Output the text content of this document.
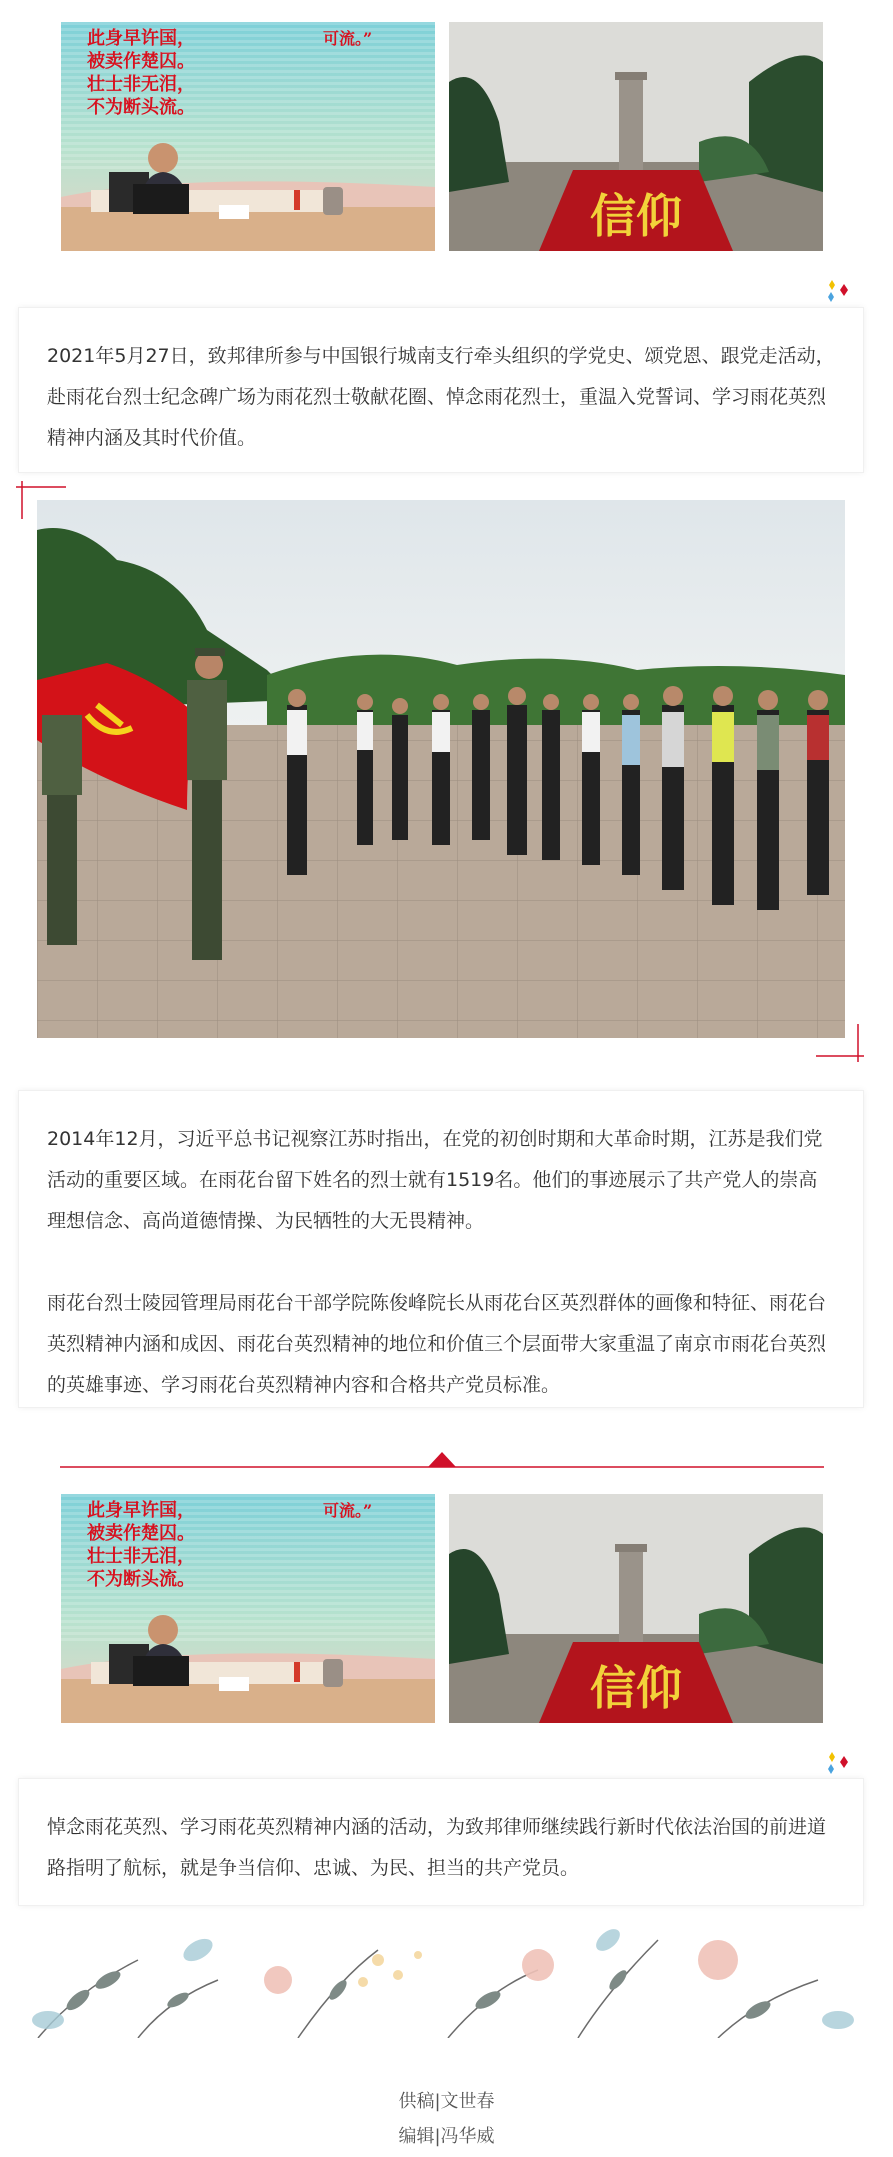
此身早许国，
被卖作楚囚。
壮士非无泪，
不为断头流。
可流。”
信仰

2021年5月27日，致邦律所参与中国银行城南支行牵头组织的学党史、颂党恩、跟党走活动，赴雨花台烈士纪念碑广场为雨花烈士敬献花圈、悼念雨花烈士，重温入党誓词、学习雨花英烈精神内涵及其时代价值。

2014年12月，习近平总书记视察江苏时指出，在党的初创时期和大革命时期，江苏是我们党活动的重要区域。在雨花台留下姓名的烈士就有1519名。他们的事迹展示了共产党人的崇高理想信念、高尚道德情操、为民牺牲的大无畏精神。

雨花台烈士陵园管理局雨花台干部学院陈俊峰院长从雨花台区英烈群体的画像和特征、雨花台英烈精神内涵和成因、雨花台英烈精神的地位和价值三个层面带大家重温了南京市雨花台英烈的英雄事迹、学习雨花台英烈精神内容和合格共产党员标准。

此身早许国，
被卖作楚囚。
壮士非无泪，
不为断头流。
可流。”
信仰

悼念雨花英烈、学习雨花英烈精神内涵的活动，为致邦律师继续践行新时代依法治国的前进道路指明了航标，就是争当信仰、忠诚、为民、担当的共产党员。

供稿|文世春
编辑|冯华威
